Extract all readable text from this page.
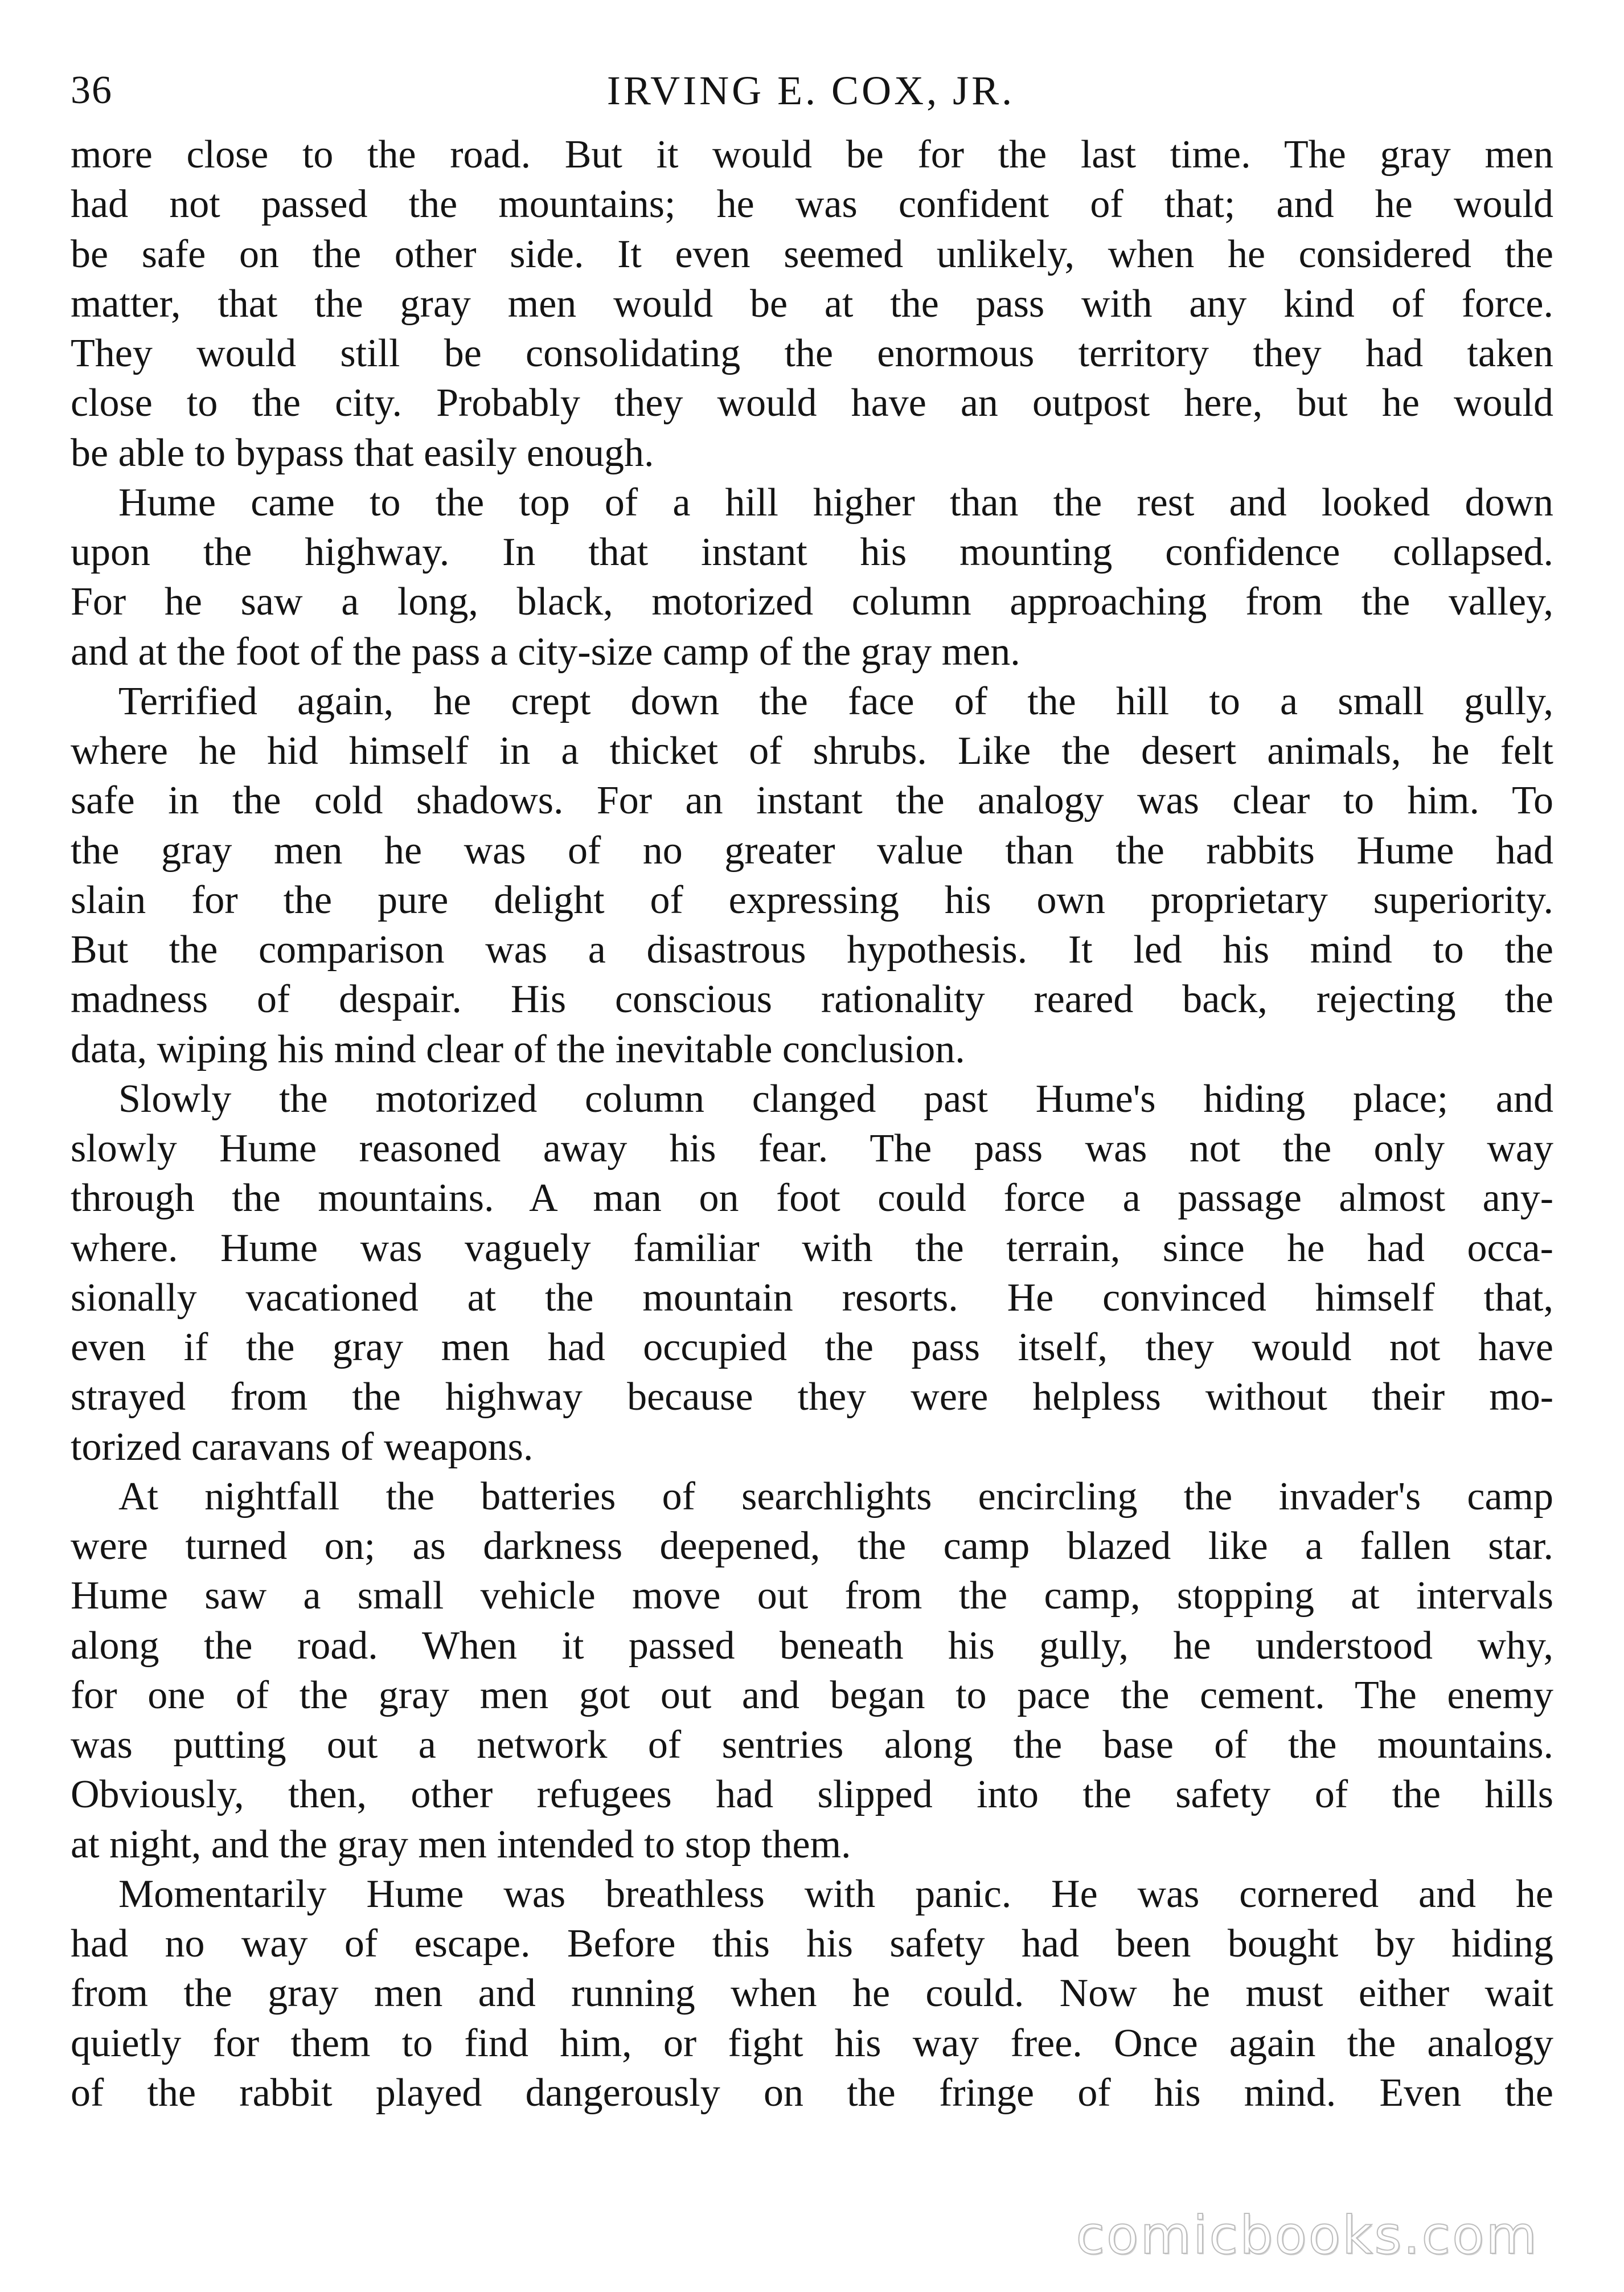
36	IRVING E. COX, JR.
more close to the road. But it would be for the last time. The gray men
had not passed the mountains; he was confident of that; and he would
be safe on the other side. It even seemed unlikely, when he considered the
matter, that the gray men would be at the pass with any kind of force.
They would still be consolidating the enormous territory they had taken
close to the city. Probably they would have an outpost here, but he would
be able to bypass that easily enough.
Hume came to the top of a hill higher than the rest and looked down
upon the highway. In that instant his mounting confidence collapsed.
For he saw a long, black, motorized column approaching from the valley,
and at the foot of the pass a city-size camp of the gray men.
Terrified again, he crept down the face of the hill to a small gully,
where he hid himself in a thicket of shrubs. Like the desert animals, he felt
safe in the cold shadows. For an instant the analogy was clear to him. To
the gray men he was of no greater value than the rabbits Hume had
slain for the pure delight of expressing his own proprietary superiority.
But the comparison was a disastrous hypothesis. It led his mind to the
madness of despair. His conscious rationality reared back, rejecting the
data, wiping his mind clear of the inevitable conclusion.
Slowly the motorized column clanged past Hume's hiding place; and
slowly Hume reasoned away his fear. The pass was not the only way
through the mountains. A man on foot could force a passage almost any-
where. Hume was vaguely familiar with the terrain, since he had occa-
sionally vacationed at the mountain resorts. He convinced himself that,
even if the gray men had occupied the pass itself, they would not have
strayed from the highway because they were helpless without their mo-
torized caravans of weapons.
At nightfall the batteries of searchlights encircling the invader's camp
were turned on; as darkness deepened, the camp blazed like a fallen star.
Hume saw a small vehicle move out from the camp, stopping at intervals
along the road. When it passed beneath his gully, he understood why,
for one of the gray men got out and began to pace the cement. The enemy
was putting out a network of sentries along the base of the mountains.
Obviously, then, other refugees had slipped into the safety of the hills
at night, and the gray men intended to stop them.
Momentarily Hume was breathless with panic. He was cornered and he
had no way of escape. Before this his safety had been bought by hiding
from the gray men and running when he could. Now he must either wait
quietly for them to find him, or fight his way free. Once again the analogy
of the rabbit played dangerously on the fringe of his mind. Even the
comicbooks.com
